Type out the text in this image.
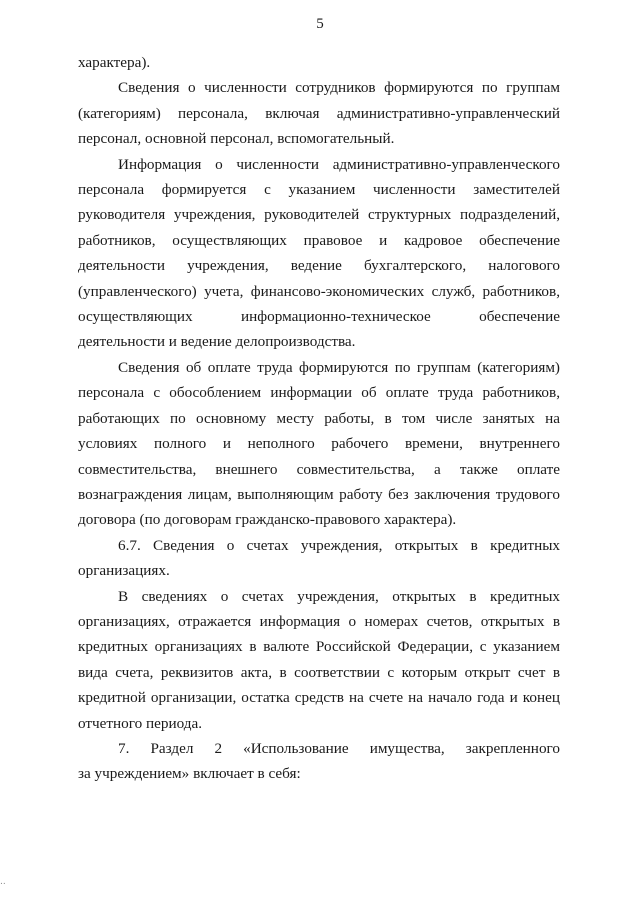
5

характера).

Сведения о численности сотрудников формируются по группам (категориям) персонала, включая административно-управленческий персонал, основной персонал, вспомогательный.

Информация о численности административно-управленческого персонала формируется с указанием численности заместителей руководителя учреждения, руководителей структурных подразделений, работников, осуществляющих правовое и кадровое обеспечение деятельности учреждения, ведение бухгалтерского, налогового (управленческого) учета, финансово-экономических служб, работников, осуществляющих информационно-техническое обеспечение деятельности и ведение делопроизводства.

Сведения об оплате труда формируются по группам (категориям) персонала с обособлением информации об оплате труда работников, работающих по основному месту работы, в том числе занятых на условиях полного и неполного рабочего времени, внутреннего совместительства, внешнего совместительства, а также оплате вознаграждения лицам, выполняющим работу без заключения трудового договора (по договорам гражданско-правового характера).

6.7. Сведения о счетах учреждения, открытых в кредитных организациях.

В сведениях о счетах учреждения, открытых в кредитных организациях, отражается информация о номерах счетов, открытых в кредитных организациях в валюте Российской Федерации, с указанием вида счета, реквизитов акта, в соответствии с которым открыт счет в кредитной организации, остатка средств на счете на начало года и конец отчетного периода.

7. Раздел 2 «Использование имущества, закрепленного

за учреждением» включает в себя:

..
